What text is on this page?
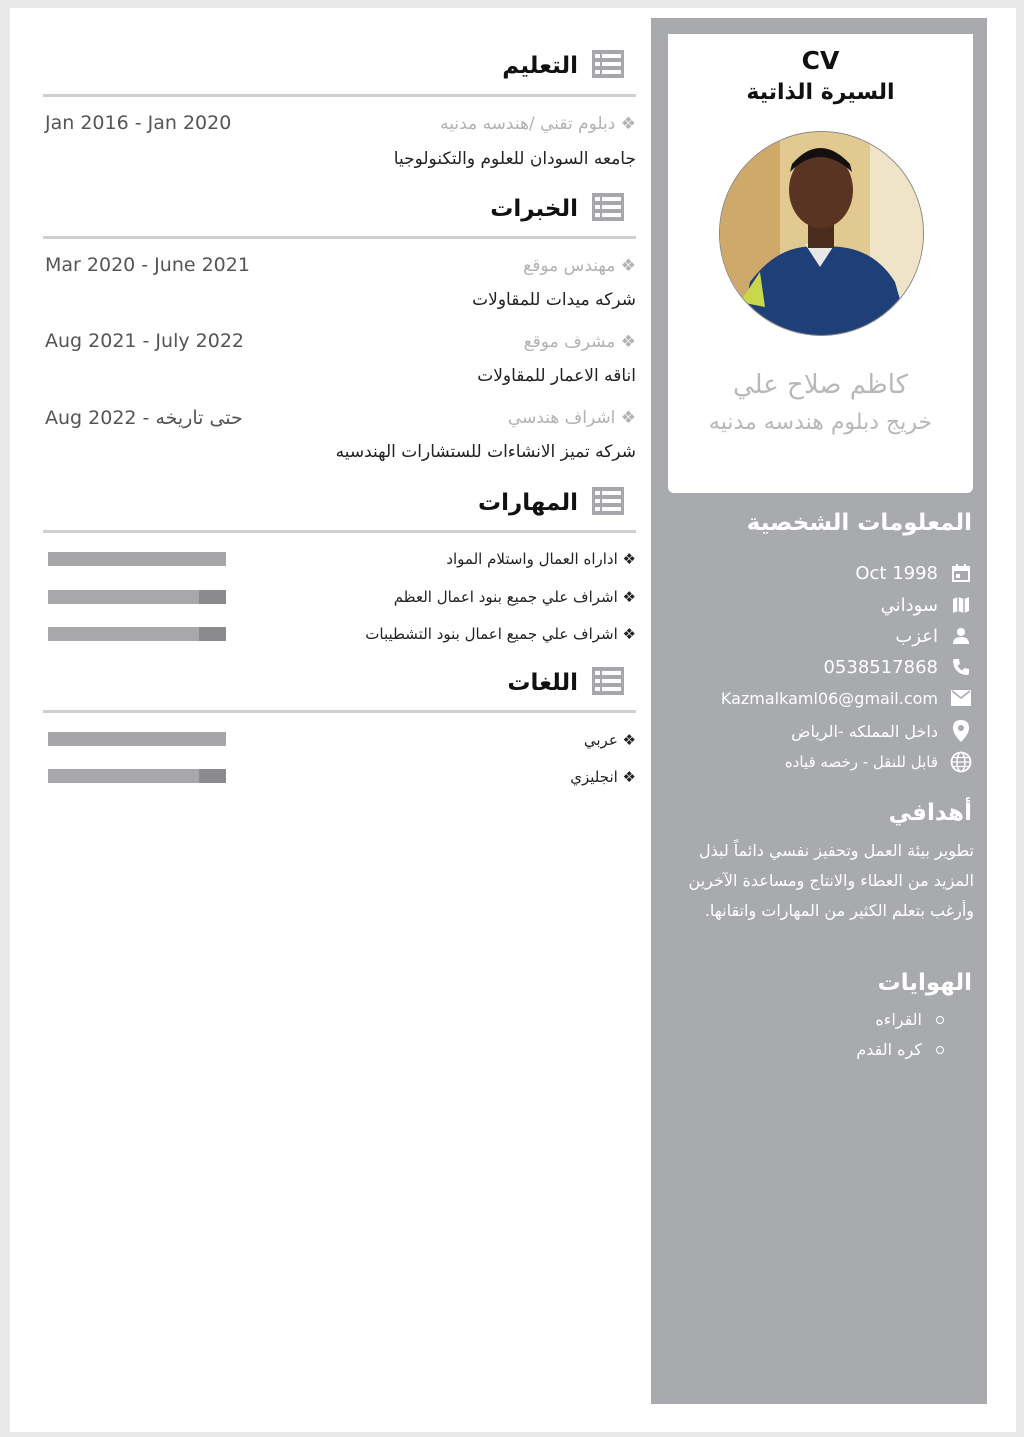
CV
السيرة الذاتية
كاظم صلاح علي
خريج دبلوم هندسه مدنيه
المعلومات الشخصية
Oct 1998
سوداني
اعزب
0538517868
Kazmalkaml06@gmail.com
داخل المملكه -الرياض
قابل للنقل - رخصه قياده
أهدافي
تطوير بيئة العمل وتحفيز نفسي دائماً لبذل
المزيد من العطاء والانتاج ومساعدة الآخرين
وأرغب بتعلم الكثير من المهارات واتقانها.
الهوايات
القراءه
كره القدم
التعليم
❖ دبلوم تقني /هندسه مدنيه
Jan 2016 - Jan 2020
جامعه السودان للعلوم والتكنولوجيا
الخبرات
❖ مهندس موقع
Mar 2020 - June 2021
شركه ميدات للمقاولات
❖ مشرف موقع
Aug 2021 - July 2022
اناقه الاعمار للمقاولات
❖ اشراف هندسي
Aug 2022 - حتى تاريخه
شركه تميز الانشاءات للستشارات الهندسيه
المهارات
❖ اداراه العمال واستلام المواد
❖ اشراف علي جميع بنود اعمال العظم
❖ اشراف علي جميع اعمال بنود التشطيبات
اللغات
❖ عربي
❖ انجليزي
